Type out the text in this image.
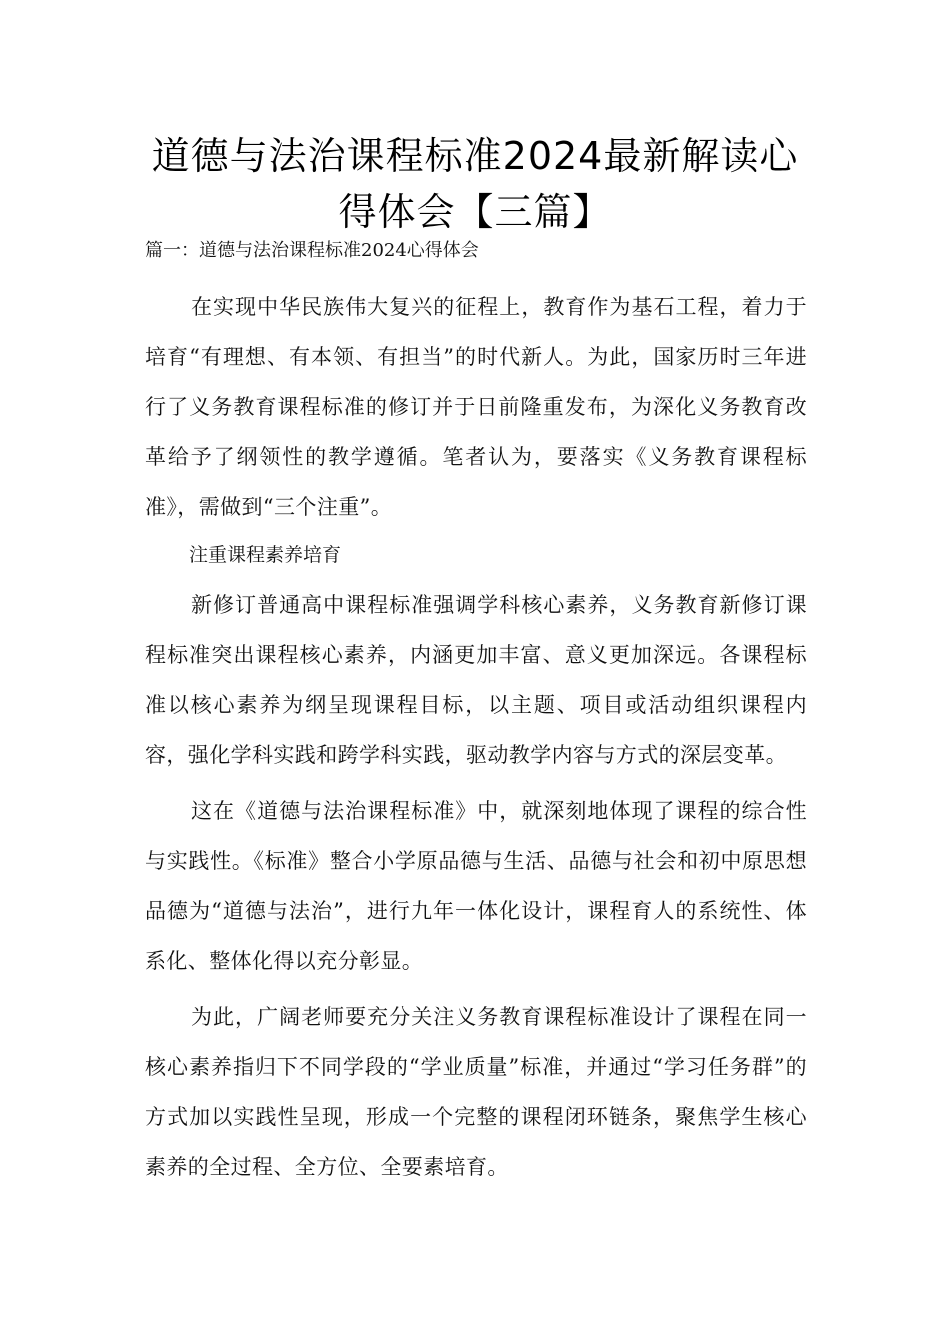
道德与法治课程标准2024最新解读心
得体会【三篇】

篇一：道德与法治课程标准2024心得体会

在实现中华民族伟大复兴的征程上，教育作为基石工程，着力于培育“有理想、有本领、有担当”的时代新人。为此，国家历时三年进行了义务教育课程标准的修订并于日前隆重发布，为深化义务教育改革给予了纲领性的教学遵循。笔者认为，要落实《义务教育课程标准》，需做到“三个注重”。

注重课程素养培育

新修订普通高中课程标准强调学科核心素养，义务教育新修订课程标准突出课程核心素养，内涵更加丰富、意义更加深远。各课程标准以核心素养为纲呈现课程目标，以主题、项目或活动组织课程内容，强化学科实践和跨学科实践，驱动教学内容与方式的深层变革。

这在《道德与法治课程标准》中，就深刻地体现了课程的综合性与实践性。《标准》整合小学原品德与生活、品德与社会和初中原思想品德为“道德与法治”，进行九年一体化设计，课程育人的系统性、体系化、整体化得以充分彰显。

为此，广阔老师要充分关注义务教育课程标准设计了课程在同一核心素养指归下不同学段的“学业质量”标准，并通过“学习任务群”的方式加以实践性呈现，形成一个完整的课程闭环链条，聚焦学生核心素养的全过程、全方位、全要素培育。
